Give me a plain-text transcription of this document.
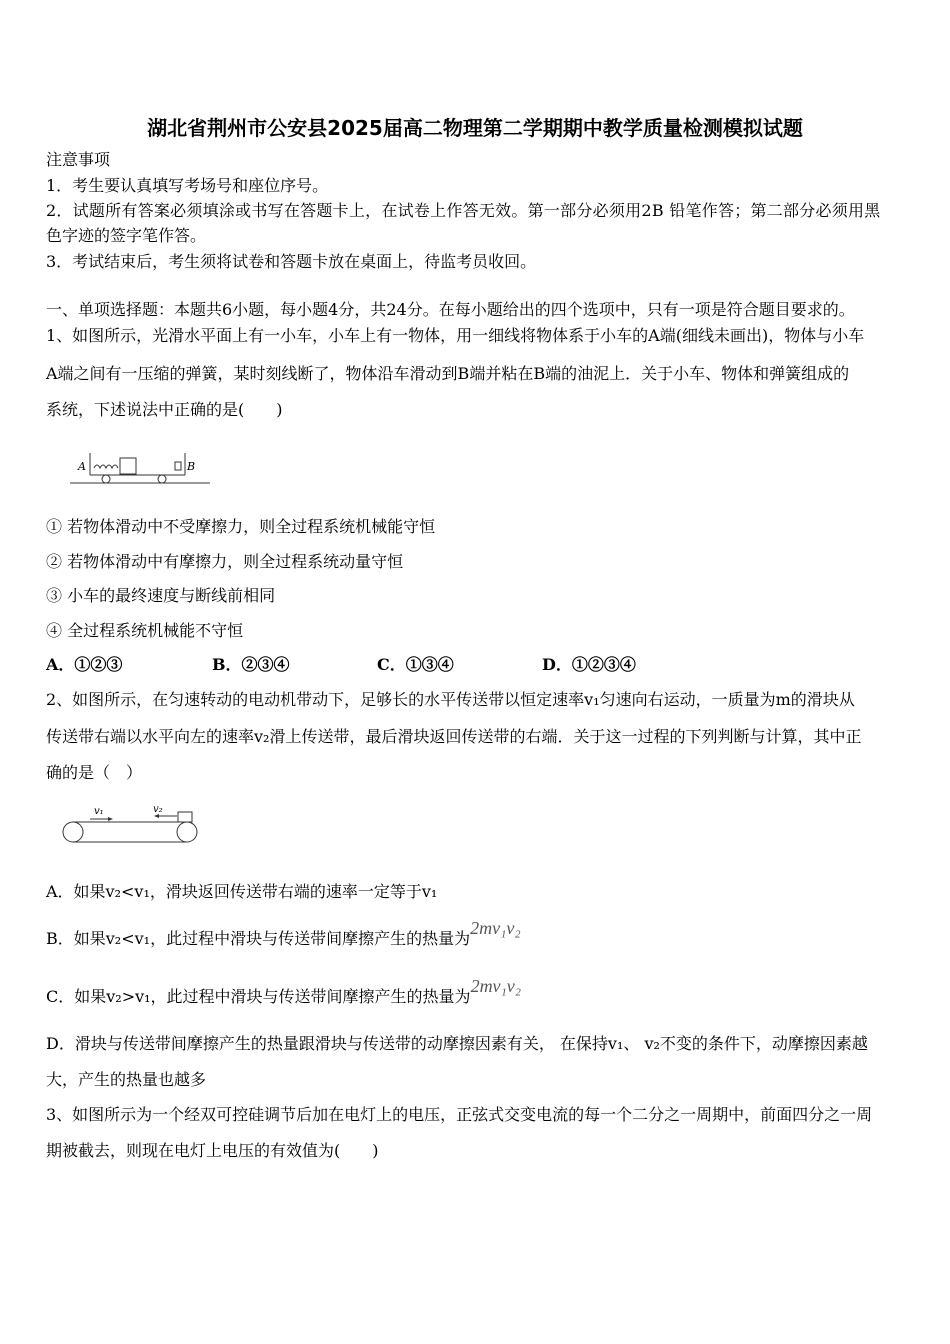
湖北省荆州市公安县2025届高二物理第二学期期中教学质量检测模拟试题
注意事项
1．考生要认真填写考场号和座位序号。
2．试题所有答案必须填涂或书写在答题卡上，在试卷上作答无效。第一部分必须用2B 铅笔作答；第二部分必须用黑
色字迹的签字笔作答。
3．考试结束后，考生须将试卷和答题卡放在桌面上，待监考员收回。
一、单项选择题：本题共6小题，每小题4分，共24分。在每小题给出的四个选项中，只有一项是符合题目要求的。
1、如图所示，光滑水平面上有一小车，小车上有一物体，用一细线将物体系于小车的A端(细线未画出)，物体与小车
A端之间有一压缩的弹簧，某时刻线断了，物体沿车滑动到B端并粘在B端的油泥上．关于小车、物体和弹簧组成的
系统，下述说法中正确的是(　　)
A	B
① 若物体滑动中不受摩擦力，则全过程系统机械能守恒
② 若物体滑动中有摩擦力，则全过程系统动量守恒
③ 小车的最终速度与断线前相同
④ 全过程系统机械能不守恒
A．①②③	B．②③④	C．①③④	D．①②③④
2、如图所示，在匀速转动的电动机带动下，足够长的水平传送带以恒定速率v₁匀速向右运动，一质量为m的滑块从
传送带右端以水平向左的速率v₂滑上传送带，最后滑块返回传送带的右端．关于这一过程的下列判断与计算，其中正
确的是（　）
v₁	v₂
A．如果v₂<v₁，滑块返回传送带右端的速率一定等于v₁
B．如果v₂<v₁，此过程中滑块与传送带间摩擦产生的热量为2mv₁v₂
C．如果v₂>v₁，此过程中滑块与传送带间摩擦产生的热量为2mv₁v₂
D．滑块与传送带间摩擦产生的热量跟滑块与传送带的动摩擦因素有关， 在保持v₁、 v₂不变的条件下，动摩擦因素越
大，产生的热量也越多
3、如图所示为一个经双可控硅调节后加在电灯上的电压，正弦式交变电流的每一个二分之一周期中，前面四分之一周
期被截去，则现在电灯上电压的有效值为(　　)
